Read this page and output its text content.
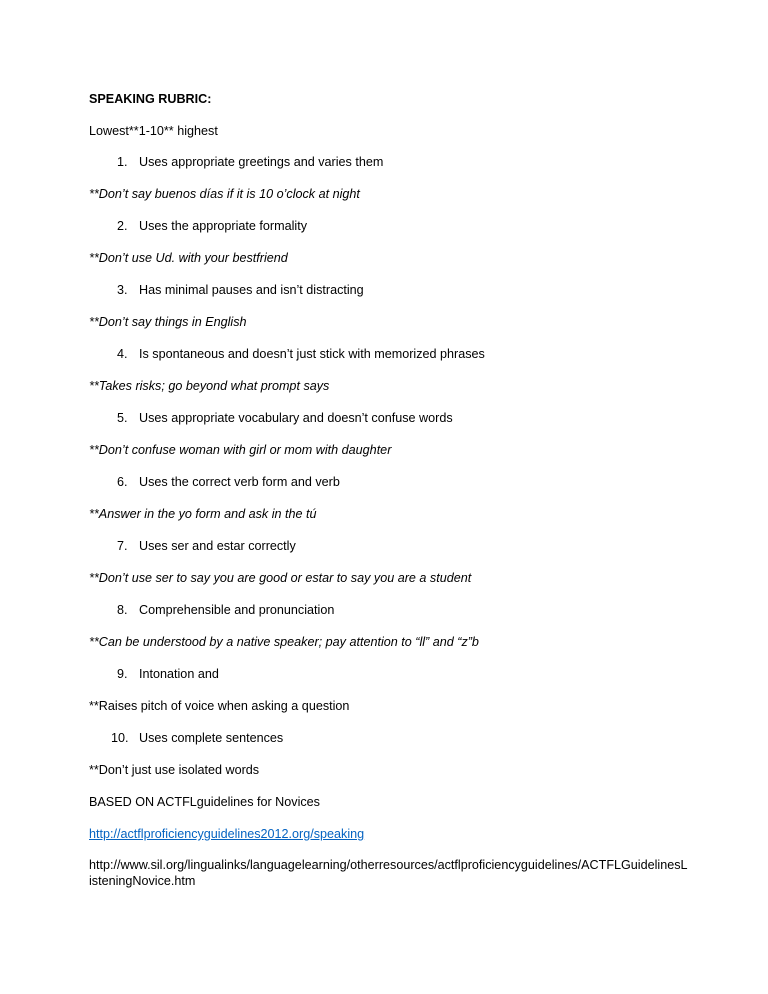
SPEAKING RUBRIC:
Lowest**1-10** highest
1. Uses appropriate greetings and varies them
**Don’t say buenos días if it is 10 o’clock at night
2. Uses the appropriate formality
**Don’t use Ud. with your bestfriend
3. Has minimal pauses and isn’t distracting
**Don’t say things in English
4. Is spontaneous and doesn’t just stick with memorized phrases
**Takes risks; go beyond what prompt says
5. Uses appropriate vocabulary and doesn’t confuse words
**Don’t confuse woman with girl or mom with daughter
6. Uses the correct verb form and verb
**Answer in the yo form and ask in the tú
7. Uses ser and estar correctly
**Don’t use ser to say you are good or estar to say you are a student
8. Comprehensible and pronunciation
**Can be understood by a native speaker; pay attention to “ll” and “z”b
9. Intonation and
**Raises pitch of voice when asking a question
10. Uses complete sentences
**Don’t just use isolated words
BASED ON ACTFLguidelines for Novices
http://actflproficiencyguidelines2012.org/speaking
http://www.sil.org/lingualinks/languagelearning/otherresources/actflproficiencyguidelines/ACTFLGuidelinesListeningNovice.htm
